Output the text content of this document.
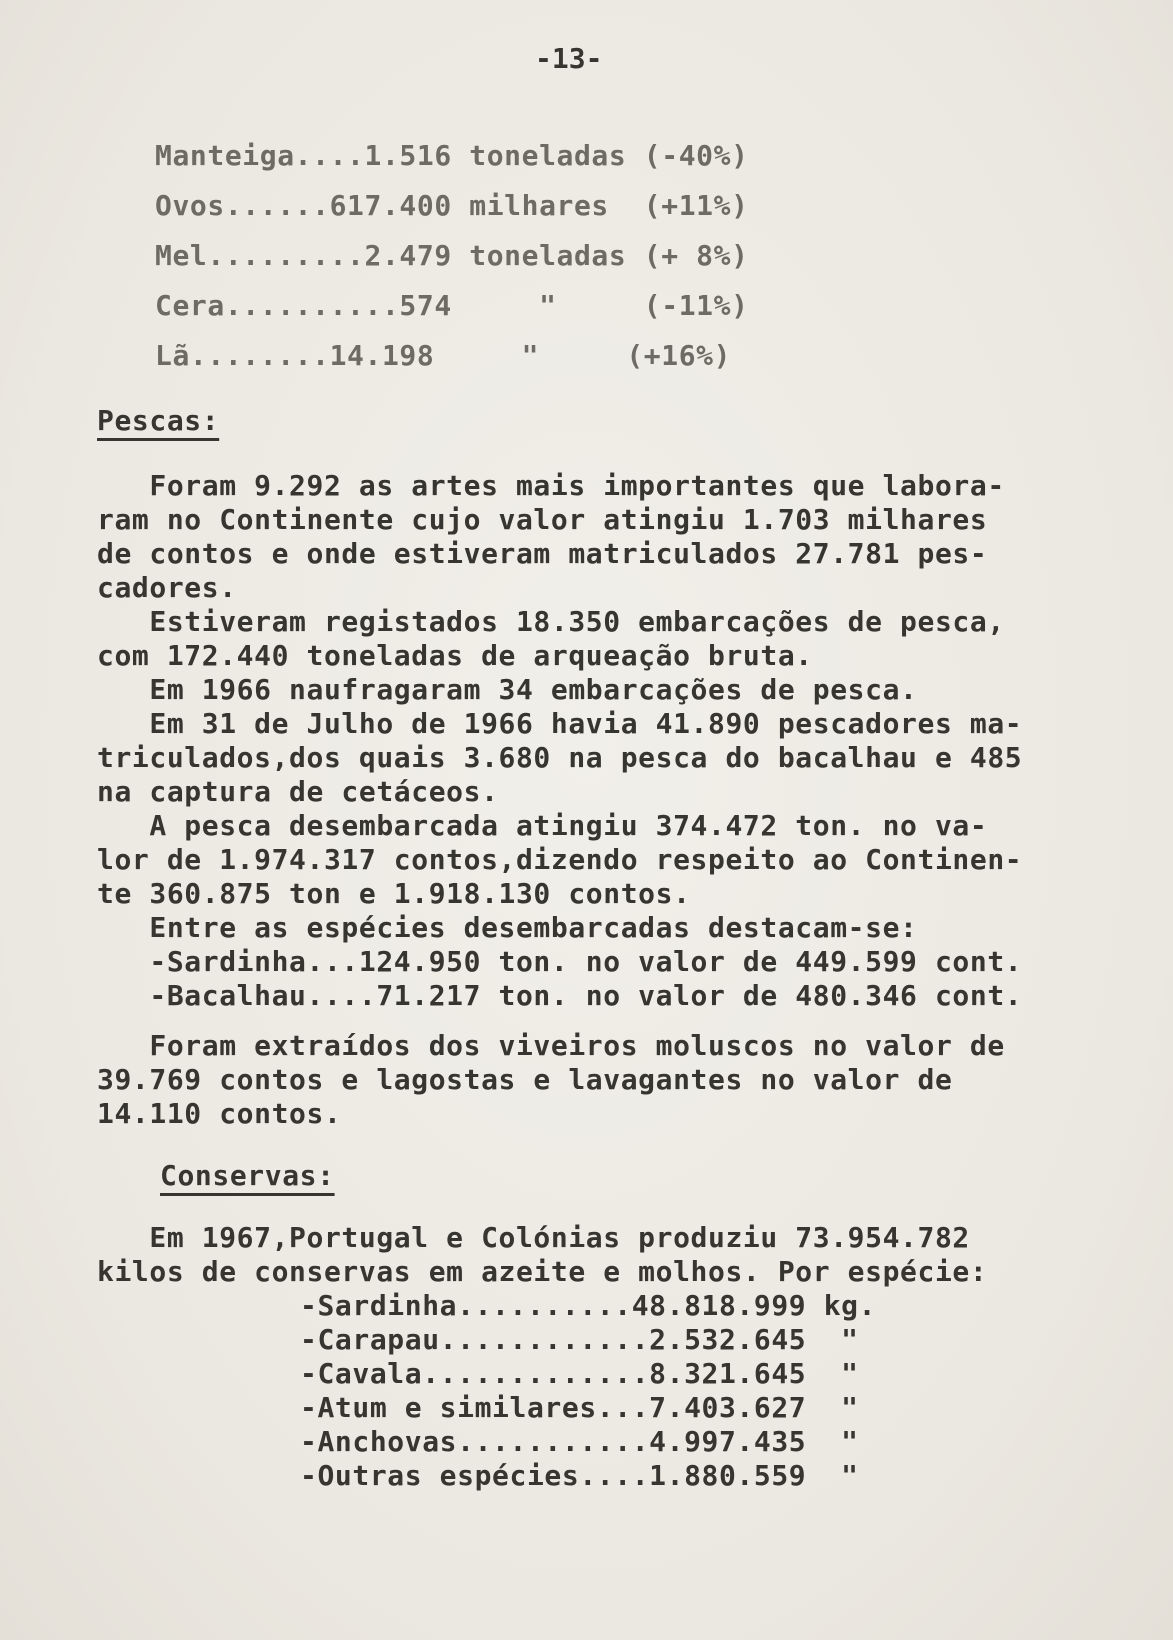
-13-
Manteiga....1.516 toneladas (-40%)
Ovos......617.400 milhares  (+11%)
Mel.........2.479 toneladas (+ 8%)
Cera..........574     "     (-11%)
Lã........14.198     "     (+16%)
Pescas:
Foram 9.292 as artes mais importantes que labora-
ram no Continente cujo valor atingiu 1.703 milhares
de contos e onde estiveram matriculados 27.781 pes-
cadores.
Estiveram registados 18.350 embarcações de pesca,
com 172.440 toneladas de arqueação bruta.
Em 1966 naufragaram 34 embarcações de pesca.
Em 31 de Julho de 1966 havia 41.890 pescadores ma-
triculados,dos quais 3.680 na pesca do bacalhau e 485
na captura de cetáceos.
A pesca desembarcada atingiu 374.472 ton. no va-
lor de 1.974.317 contos,dizendo respeito ao Continen-
te 360.875 ton e 1.918.130 contos.
Entre as espécies desembarcadas destacam-se:
-Sardinha...124.950 ton. no valor de 449.599 cont.
-Bacalhau....71.217 ton. no valor de 480.346 cont.
Foram extraídos dos viveiros moluscos no valor de
39.769 contos e lagostas e lavagantes no valor de
14.110 contos.
Conservas:
Em 1967,Portugal e Colónias produziu 73.954.782
kilos de conservas em azeite e molhos. Por espécie:
-Sardinha..........48.818.999 kg.
-Carapau............2.532.645  "
-Cavala.............8.321.645  "
-Atum e similares...7.403.627  "
-Anchovas...........4.997.435  "
-Outras espécies....1.880.559  "
